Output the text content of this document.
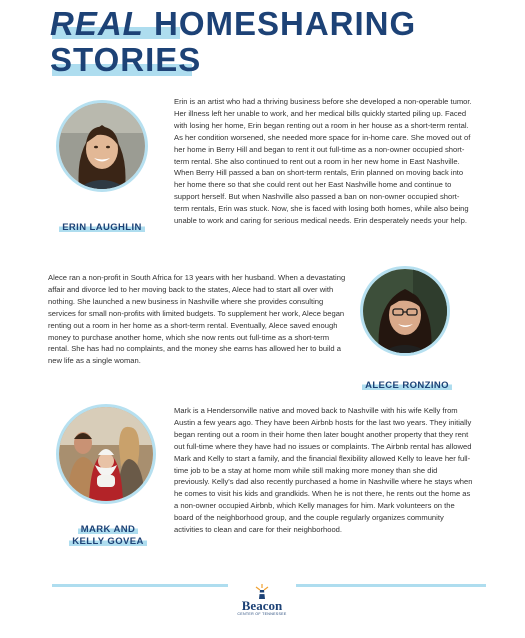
REAL HOMESHARING
STORIES
ERIN LAUGHLIN

Erin is an artist who had a thriving business before she developed a non-operable tumor. Her illness left her unable to work, and her medical bills quickly started piling up. Faced with losing her home, Erin began renting out a room in her house as a short-term rental. As her condition worsened, she needed more space for in-home care. She moved out of her home in Berry Hill and began to rent it out full-time as a non-owner occupied short-term rental. She also continued to rent out a room in her new home in East Nashville. When Berry Hill passed a ban on short-term rentals, Erin planned on moving back into her home there so that she could rent out her East Nashville home and continue to support herself. But when Nashville also passed a ban on non-owner occupied short-term rentals, Erin was stuck. Now, she is faced with losing both homes, while also being unable to work and caring for serious medical needs. Erin desperately needs your help.

Alece ran a non-profit in South Africa for 13 years with her husband. When a devastating affair and divorce led to her moving back to the states, Alece had to start all over with nothing. She launched a new business in Nashville where she provides consulting services for small non-profits with limited budgets. To supplement her work, Alece began renting out a room in her home as a short-term rental. Eventually, Alece saved enough money to purchase another home, which she now rents out full-time as a short-term rental. She has had no complaints, and the money she earns has allowed her to build a new life as a single woman.

ALECE RONZINO
MARK AND
KELLY GOVEA

Mark is a Hendersonville native and moved back to Nashville with his wife Kelly from Austin a few years ago. They have been Airbnb hosts for the last two years. They initially began renting out a room in their home then later bought another property that they rent out full-time where they have had no issues or complaints. The Airbnb rental has allowed Mark and Kelly to start a family, and the financial flexibility allowed Kelly to leave her full-time job to be a stay at home mom while still making more money than she did previously. Kelly's dad also recently purchased a home in Nashville where he stays when he comes to visit his kids and grandkids. When he is not there, he rents out the home as a non-owner occupied Airbnb, which Kelly manages for him. Mark volunteers on the board of the neighborhood group, and the couple regularly organizes community activities to clean and care for their neighborhood.

Beacon
CENTER OF TENNESSEE
